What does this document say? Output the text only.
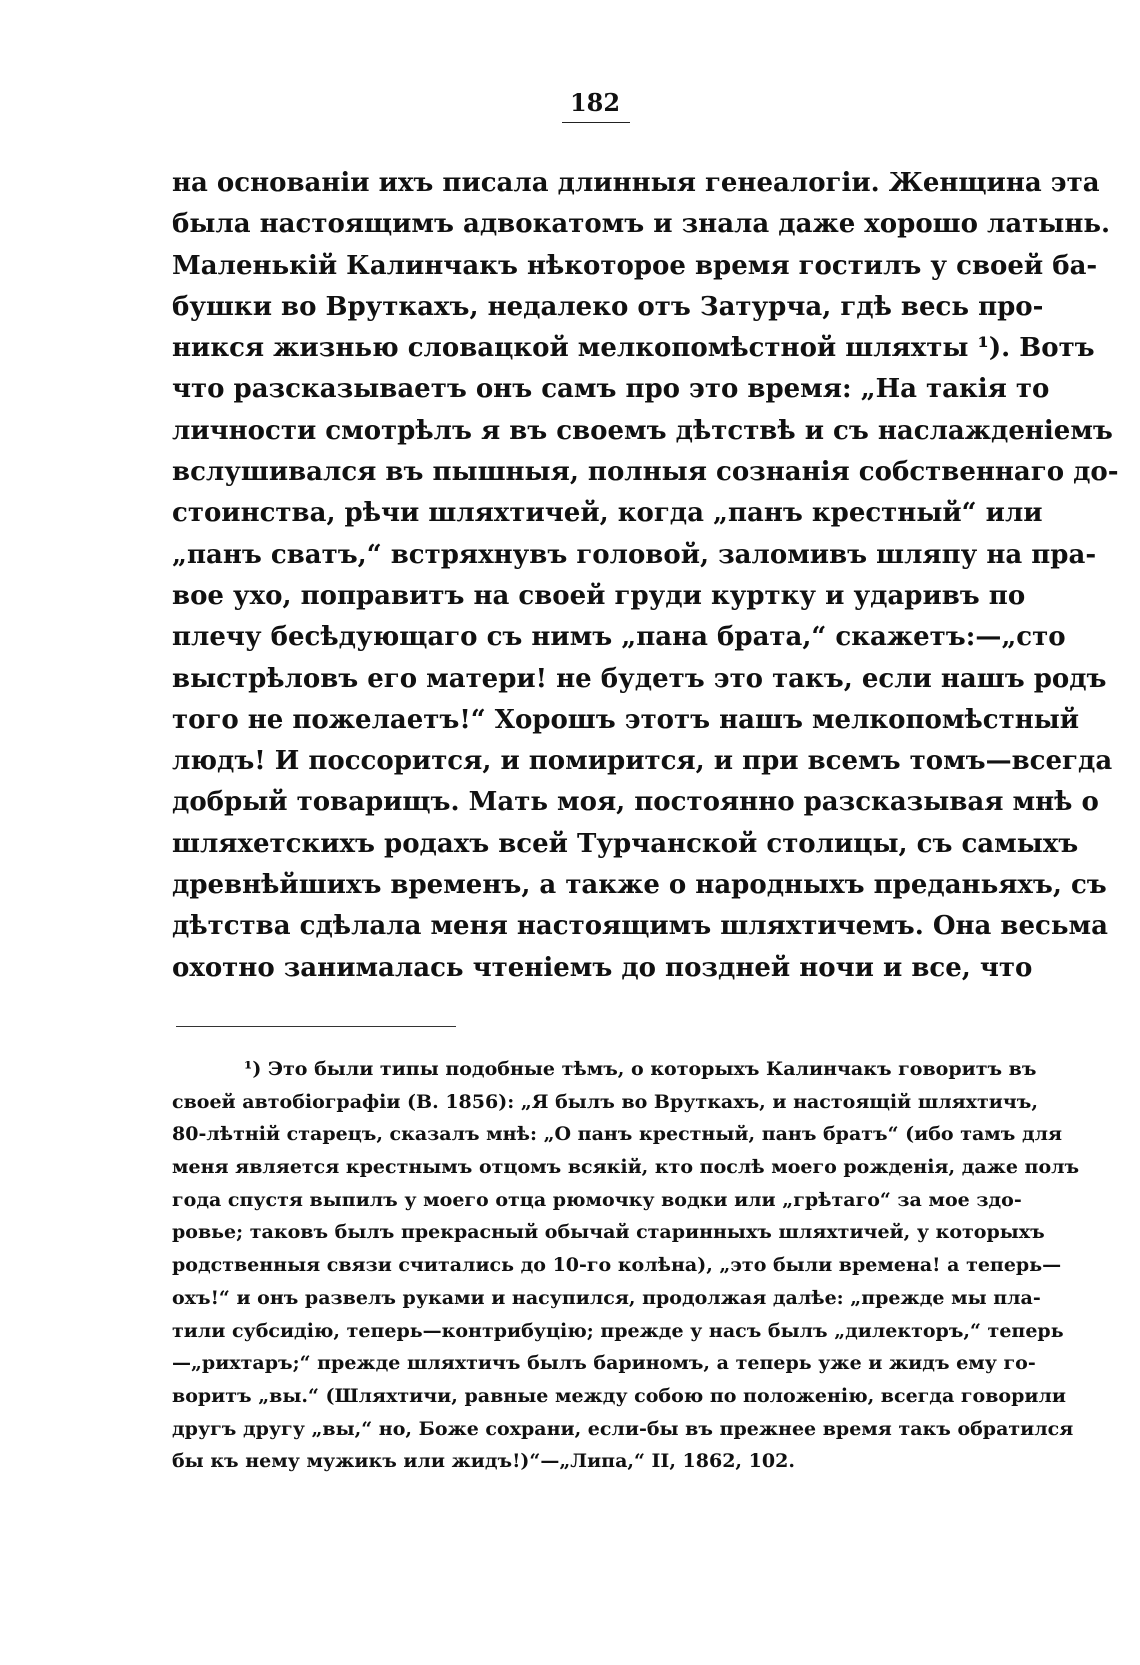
182
на основанiи ихъ писала длинныя генеалогiи. Женщина эта
была настоящимъ адвокатомъ и знала даже хорошо латынь.
Маленькiй Калинчакъ нѣкоторое время гостилъ у своей ба-
бушки во Вруткахъ, недалеко отъ Затурча, гдѣ весь про-
никся жизнью словацкой мелкопомѣстной шляхты ¹). Вотъ
что разсказываетъ онъ самъ про это время: „На такiя то
личности смотрѣлъ я въ своемъ дѣтствѣ и съ наслажденiемъ
вслушивался въ пышныя, полныя сознанiя собственнаго до-
стоинства, рѣчи шляхтичей, когда „панъ крестный“ или
„панъ сватъ,“ встряхнувъ головой, заломивъ шляпу на пра-
вое ухо, поправитъ на своей груди куртку и ударивъ по
плечу бесѣдующаго съ нимъ „пана брата,“ скажетъ:—„сто
выстрѣловъ его матери! не будетъ это такъ, если нашъ родъ
того не пожелаетъ!“ Хорошъ этотъ нашъ мелкопомѣстный
людъ! И поссорится, и помирится, и при всемъ томъ—всегда
добрый товарищъ. Мать моя, постоянно разсказывая мнѣ о
шляхетскихъ родахъ всей Турчанской столицы, съ самыхъ
древнѣйшихъ временъ, а также о народныхъ преданьяхъ, съ
дѣтства сдѣлала меня настоящимъ шляхтичемъ. Она весьма
охотно занималась чтенiемъ до поздней ночи и все, что
¹) Это были типы подобные тѣмъ, о которыхъ Калинчакъ говоритъ въ
своей автобiографiи (В. 1856): „Я былъ во Вруткахъ, и настоящiй шляхтичъ,
80-лѣтнiй старецъ, сказалъ мнѣ: „О панъ крестный, панъ братъ“ (ибо тамъ для
меня является крестнымъ отцомъ всякiй, кто послѣ моего рожденiя, даже полъ
года спустя выпилъ у моего отца рюмочку водки или „грѣтаго“ за мое здо-
ровье; таковъ былъ прекрасный обычай старинныхъ шляхтичей, у которыхъ
родственныя связи считались до 10-го колѣна), „это были времена! а теперь—
охъ!“ и онъ развелъ руками и насупился, продолжая далѣе: „прежде мы пла-
тили субсидiю, теперь—контрибуцiю; прежде у насъ былъ „дилекторъ,“ теперь
—„рихтаръ;“ прежде шляхтичъ былъ бариномъ, а теперь уже и жидъ ему го-
воритъ „вы.“ (Шляхтичи, равные между собою по положенiю, всегда говорили
другъ другу „вы,“ но, Боже сохрани, если-бы въ прежнее время такъ обратился
бы къ нему мужикъ или жидъ!)“—„Липа,“ II, 1862, 102.
